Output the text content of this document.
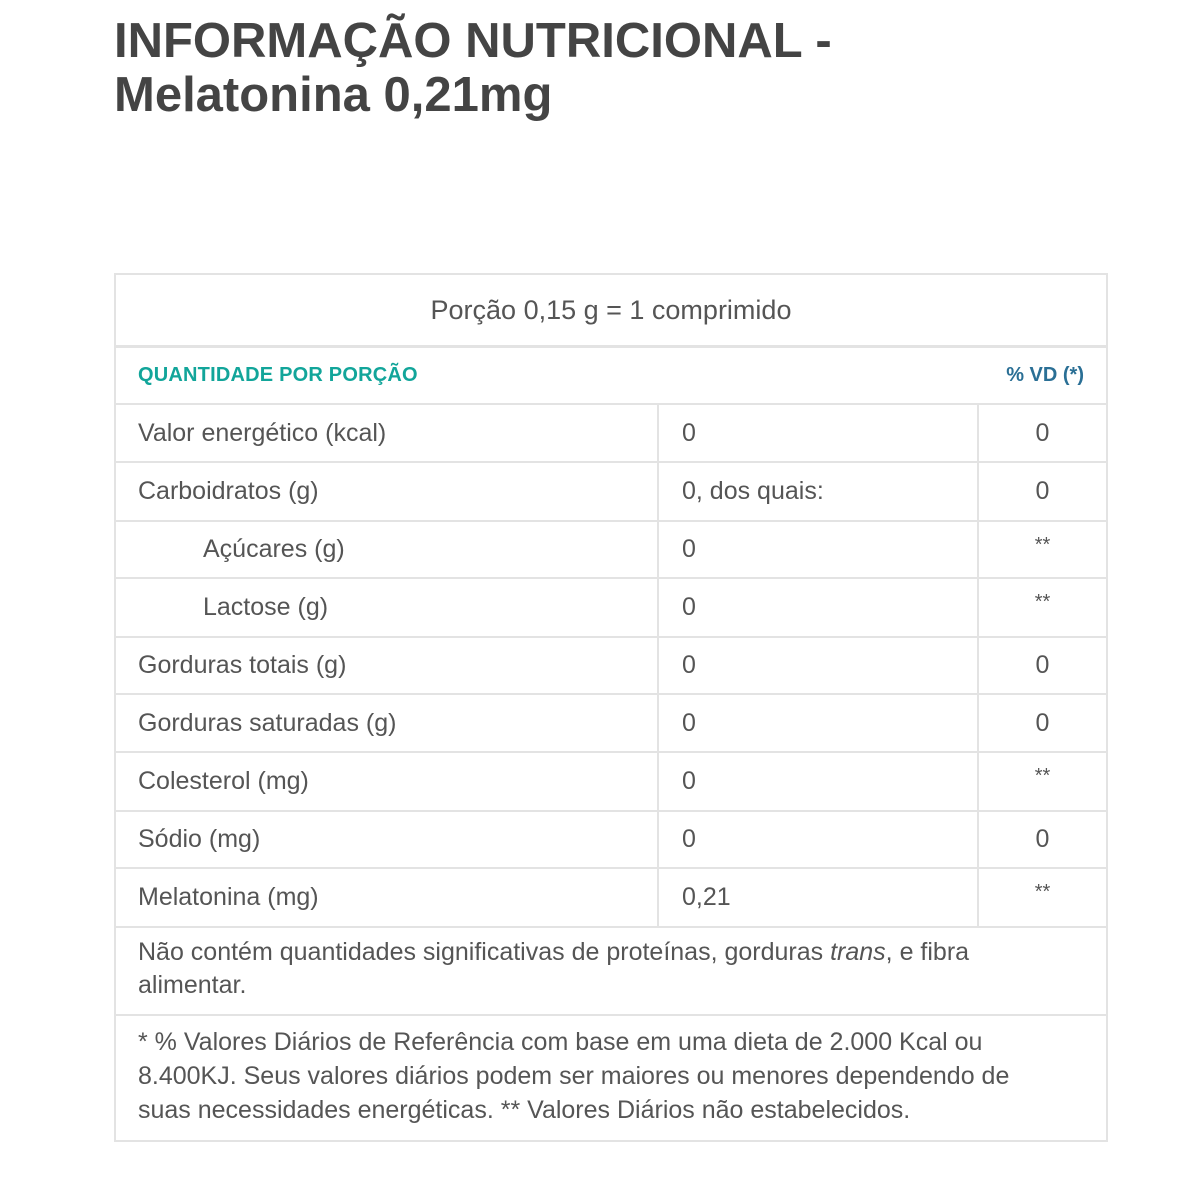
INFORMAÇÃO NUTRICIONAL -
Melatonina 0,21mg
Porção 0,15 g = 1 comprimido
QUANTIDADE POR PORÇÃO	% VD (*)
Valor energético (kcal)	0	0
Carboidratos (g)	0, dos quais:	0
Açúcares (g)	0	**
Lactose (g)	0	**
Gorduras totais (g)	0	0
Gorduras saturadas (g)	0	0
Colesterol (mg)	0	**
Sódio (mg)	0	0
Melatonina (mg)	0,21	**
Não contém quantidades significativas de proteínas, gorduras trans, e fibra alimentar.
* % Valores Diários de Referência com base em uma dieta de 2.000 Kcal ou 8.400KJ. Seus valores diários podem ser maiores ou menores dependendo de suas necessidades energéticas. ** Valores Diários não estabelecidos.
